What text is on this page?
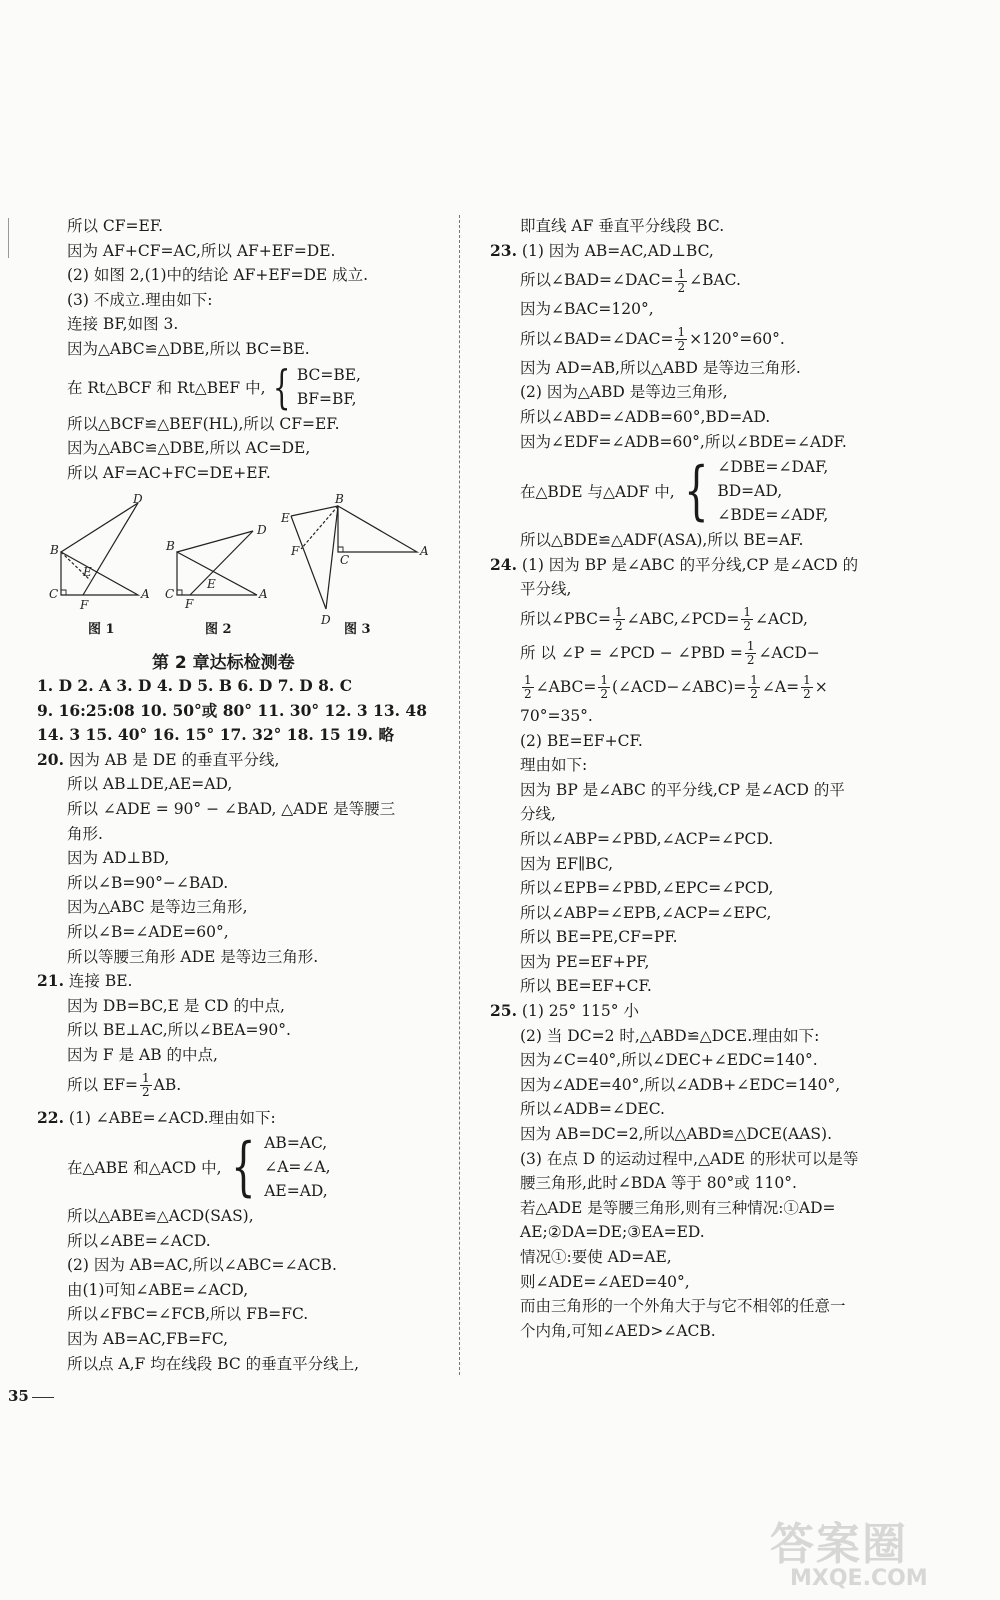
所以 CF=EF.
因为 AF+CF=AC,所以 AF+EF=DE.
(2) 如图 2,(1)中的结论 AF+EF=DE 成立.
(3) 不成立.理由如下:
连接 BF,如图 3.
因为△ABC≌△DBE,所以 BC=BE.
在 Rt△BCF 和 Rt△BEF 中, { BC=BE,
BF=BF,
所以△BCF≌△BEF(HL),所以 CF=EF.
因为△ABC≌△DBE,所以 AC=DE,
所以 AF=AC+FC=DE+EF.
D
B
C	A
E
F
B
C
D
A
E
F
B
E
F
C
A
D
图 1	图 2	图 3
第 2 章达标检测卷
1. D 2. A 3. D 4. D 5. B 6. D 7. D 8. C
9. 16:25:08 10. 50°或 80° 11. 30° 12. 3 13. 48
14. 3 15. 40° 16. 15° 17. 32° 18. 15 19. 略
20. 因为 AB 是 DE 的垂直平分线,
所以 AB⊥DE,AE=AD,
所以 ∠ADE = 90° − ∠BAD, △ADE 是等腰三
角形.
因为 AD⊥BD,
所以∠B=90°−∠BAD.
因为△ABC 是等边三角形,
所以∠B=∠ADE=60°,
所以等腰三角形 ADE 是等边三角形.
21. 连接 BE.
因为 DB=BC,E 是 CD 的中点,
所以 BE⊥AC,所以∠BEA=90°.
因为 F 是 AB 的中点,
所以 $EF= \frac{1}{2}$ AB.
22. (1) ∠ABE=∠ACD.理由如下:
在△ABE 和△ACD 中, { AB=AC,
∠A=∠A,
AE=AD,
所以△ABE≌△ACD(SAS),
所以∠ABE=∠ACD.
(2) 因为 AB=AC,所以∠ABC=∠ACB.
由(1)可知∠ABE=∠ACD,
所以∠FBC=∠FCB,所以 FB=FC.
因为 AB=AC,FB=FC,
所以点 A,F 均在线段 BC 的垂直平分线上,
即直线 AF 垂直平分线段 BC.
23. (1) 因为 AB=AC,AD⊥BC,
所以∠BAD=∠DAC= $\frac{1}{2}$ ∠BAC.
因为∠BAC=120°,
所以∠BAD=∠DAC= $\frac{1}{2} \times 120^\circ=60^\circ$.
因为 AD=AB,所以△ABD 是等边三角形.
(2) 因为△ABD 是等边三角形,
所以∠ABD=∠ADB=60°,BD=AD.
因为∠EDF=∠ADB=60°,所以∠BDE=∠ADF.
在△BDE 与△ADF 中, { ∠DBE=∠DAF,
BD=AD,
∠BDE=∠ADF,
所以△BDE≌△ADF(ASA),所以 BE=AF.
24. (1) 因为 BP 是∠ABC 的平分线,CP 是∠ACD 的
平分线,
所以∠PBC= $\frac{1}{2}$ ∠ABC,∠PCD= $\frac{1}{2}$ ∠ACD,
所 以 ∠P = ∠PCD − ∠PBD = $\frac{1}{2}$ ∠ACD−
$\frac{1}{2}$ ∠ABC= $\frac{1}{2}$ (∠ACD−∠ABC)= $\frac{1}{2}$ ∠A= $\frac{1}{2}$ ×
70°=35°.
(2) BE=EF+CF.
理由如下:
因为 BP 是∠ABC 的平分线,CP 是∠ACD 的平
分线,
所以∠ABP=∠PBD,∠ACP=∠PCD.
因为 EF∥BC,
所以∠EPB=∠PBD,∠EPC=∠PCD,
所以∠ABP=∠EPB,∠ACP=∠EPC,
所以 BE=PE,CF=PF.
因为 PE=EF+PF,
所以 BE=EF+CF.
25. (1) 25° 115° 小
(2) 当 DC=2 时,△ABD≌△DCE.理由如下:
因为∠C=40°,所以∠DEC+∠EDC=140°.
因为∠ADE=40°,所以∠ADB+∠EDC=140°,
所以∠ADB=∠DEC.
因为 AB=DC=2,所以△ABD≌△DCE(AAS).
(3) 在点 D 的运动过程中,△ADE 的形状可以是等
腰三角形,此时∠BDA 等于 80°或 110°.
若△ADE 是等腰三角形,则有三种情况:①AD=
AE;②DA=DE;③EA=ED.
情况①:要使 AD=AE,
则∠ADE=∠AED=40°,
而由三角形的一个外角大于与它不相邻的任意一
个内角,可知∠AED>∠ACB.
35
答案圈
MXQE.COM
